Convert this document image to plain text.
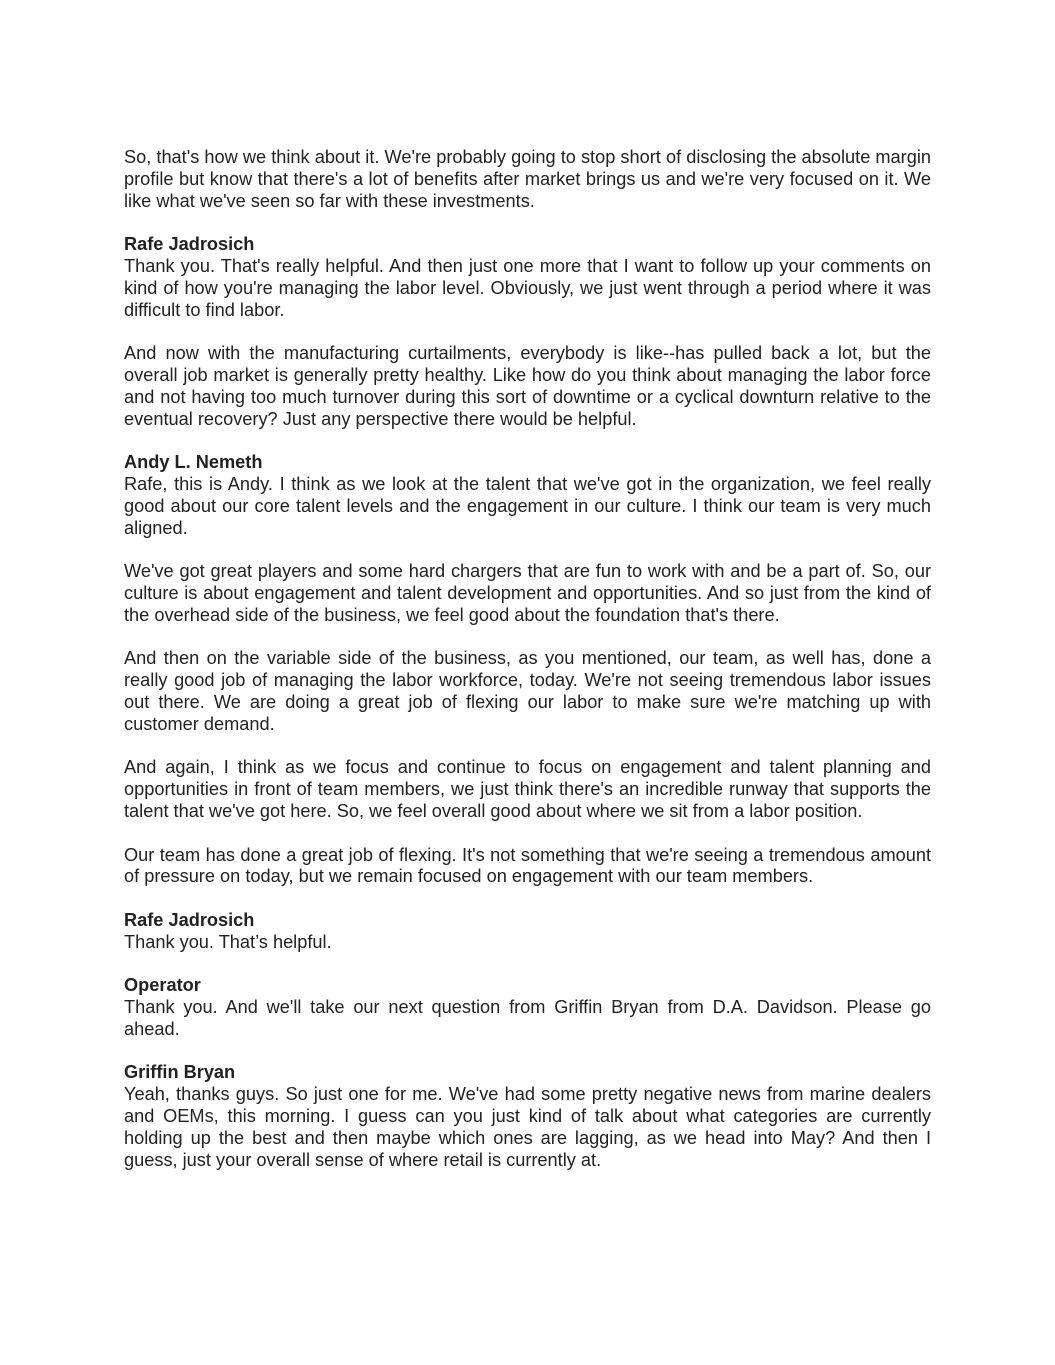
So, that's how we think about it. We're probably going to stop short of disclosing the absolute margin profile but know that there's a lot of benefits after market brings us and we're very focused on it. We like what we've seen so far with these investments.

Rafe Jadrosich

Thank you. That's really helpful. And then just one more that I want to follow up your comments on kind of how you're managing the labor level. Obviously, we just went through a period where it was difficult to find labor.

And now with the manufacturing curtailments, everybody is like--has pulled back a lot, but the overall job market is generally pretty healthy. Like how do you think about managing the labor force and not having too much turnover during this sort of downtime or a cyclical downturn relative to the eventual recovery? Just any perspective there would be helpful.

Andy L. Nemeth

Rafe, this is Andy. I think as we look at the talent that we've got in the organization, we feel really good about our core talent levels and the engagement in our culture. I think our team is very much aligned.

We've got great players and some hard chargers that are fun to work with and be a part of. So, our culture is about engagement and talent development and opportunities. And so just from the kind of the overhead side of the business, we feel good about the foundation that's there.

And then on the variable side of the business, as you mentioned, our team, as well has, done a really good job of managing the labor workforce, today. We're not seeing tremendous labor issues out there. We are doing a great job of flexing our labor to make sure we're matching up with customer demand.

And again, I think as we focus and continue to focus on engagement and talent planning and opportunities in front of team members, we just think there's an incredible runway that supports the talent that we've got here. So, we feel overall good about where we sit from a labor position.

Our team has done a great job of flexing. It's not something that we're seeing a tremendous amount of pressure on today, but we remain focused on engagement with our team members.

Rafe Jadrosich

Thank you. That’s helpful.

Operator

Thank you. And we'll take our next question from Griffin Bryan from D.A. Davidson. Please go ahead.

Griffin Bryan

Yeah, thanks guys. So just one for me. We've had some pretty negative news from marine dealers and OEMs, this morning. I guess can you just kind of talk about what categories are currently holding up the best and then maybe which ones are lagging, as we head into May? And then I guess, just your overall sense of where retail is currently at.
